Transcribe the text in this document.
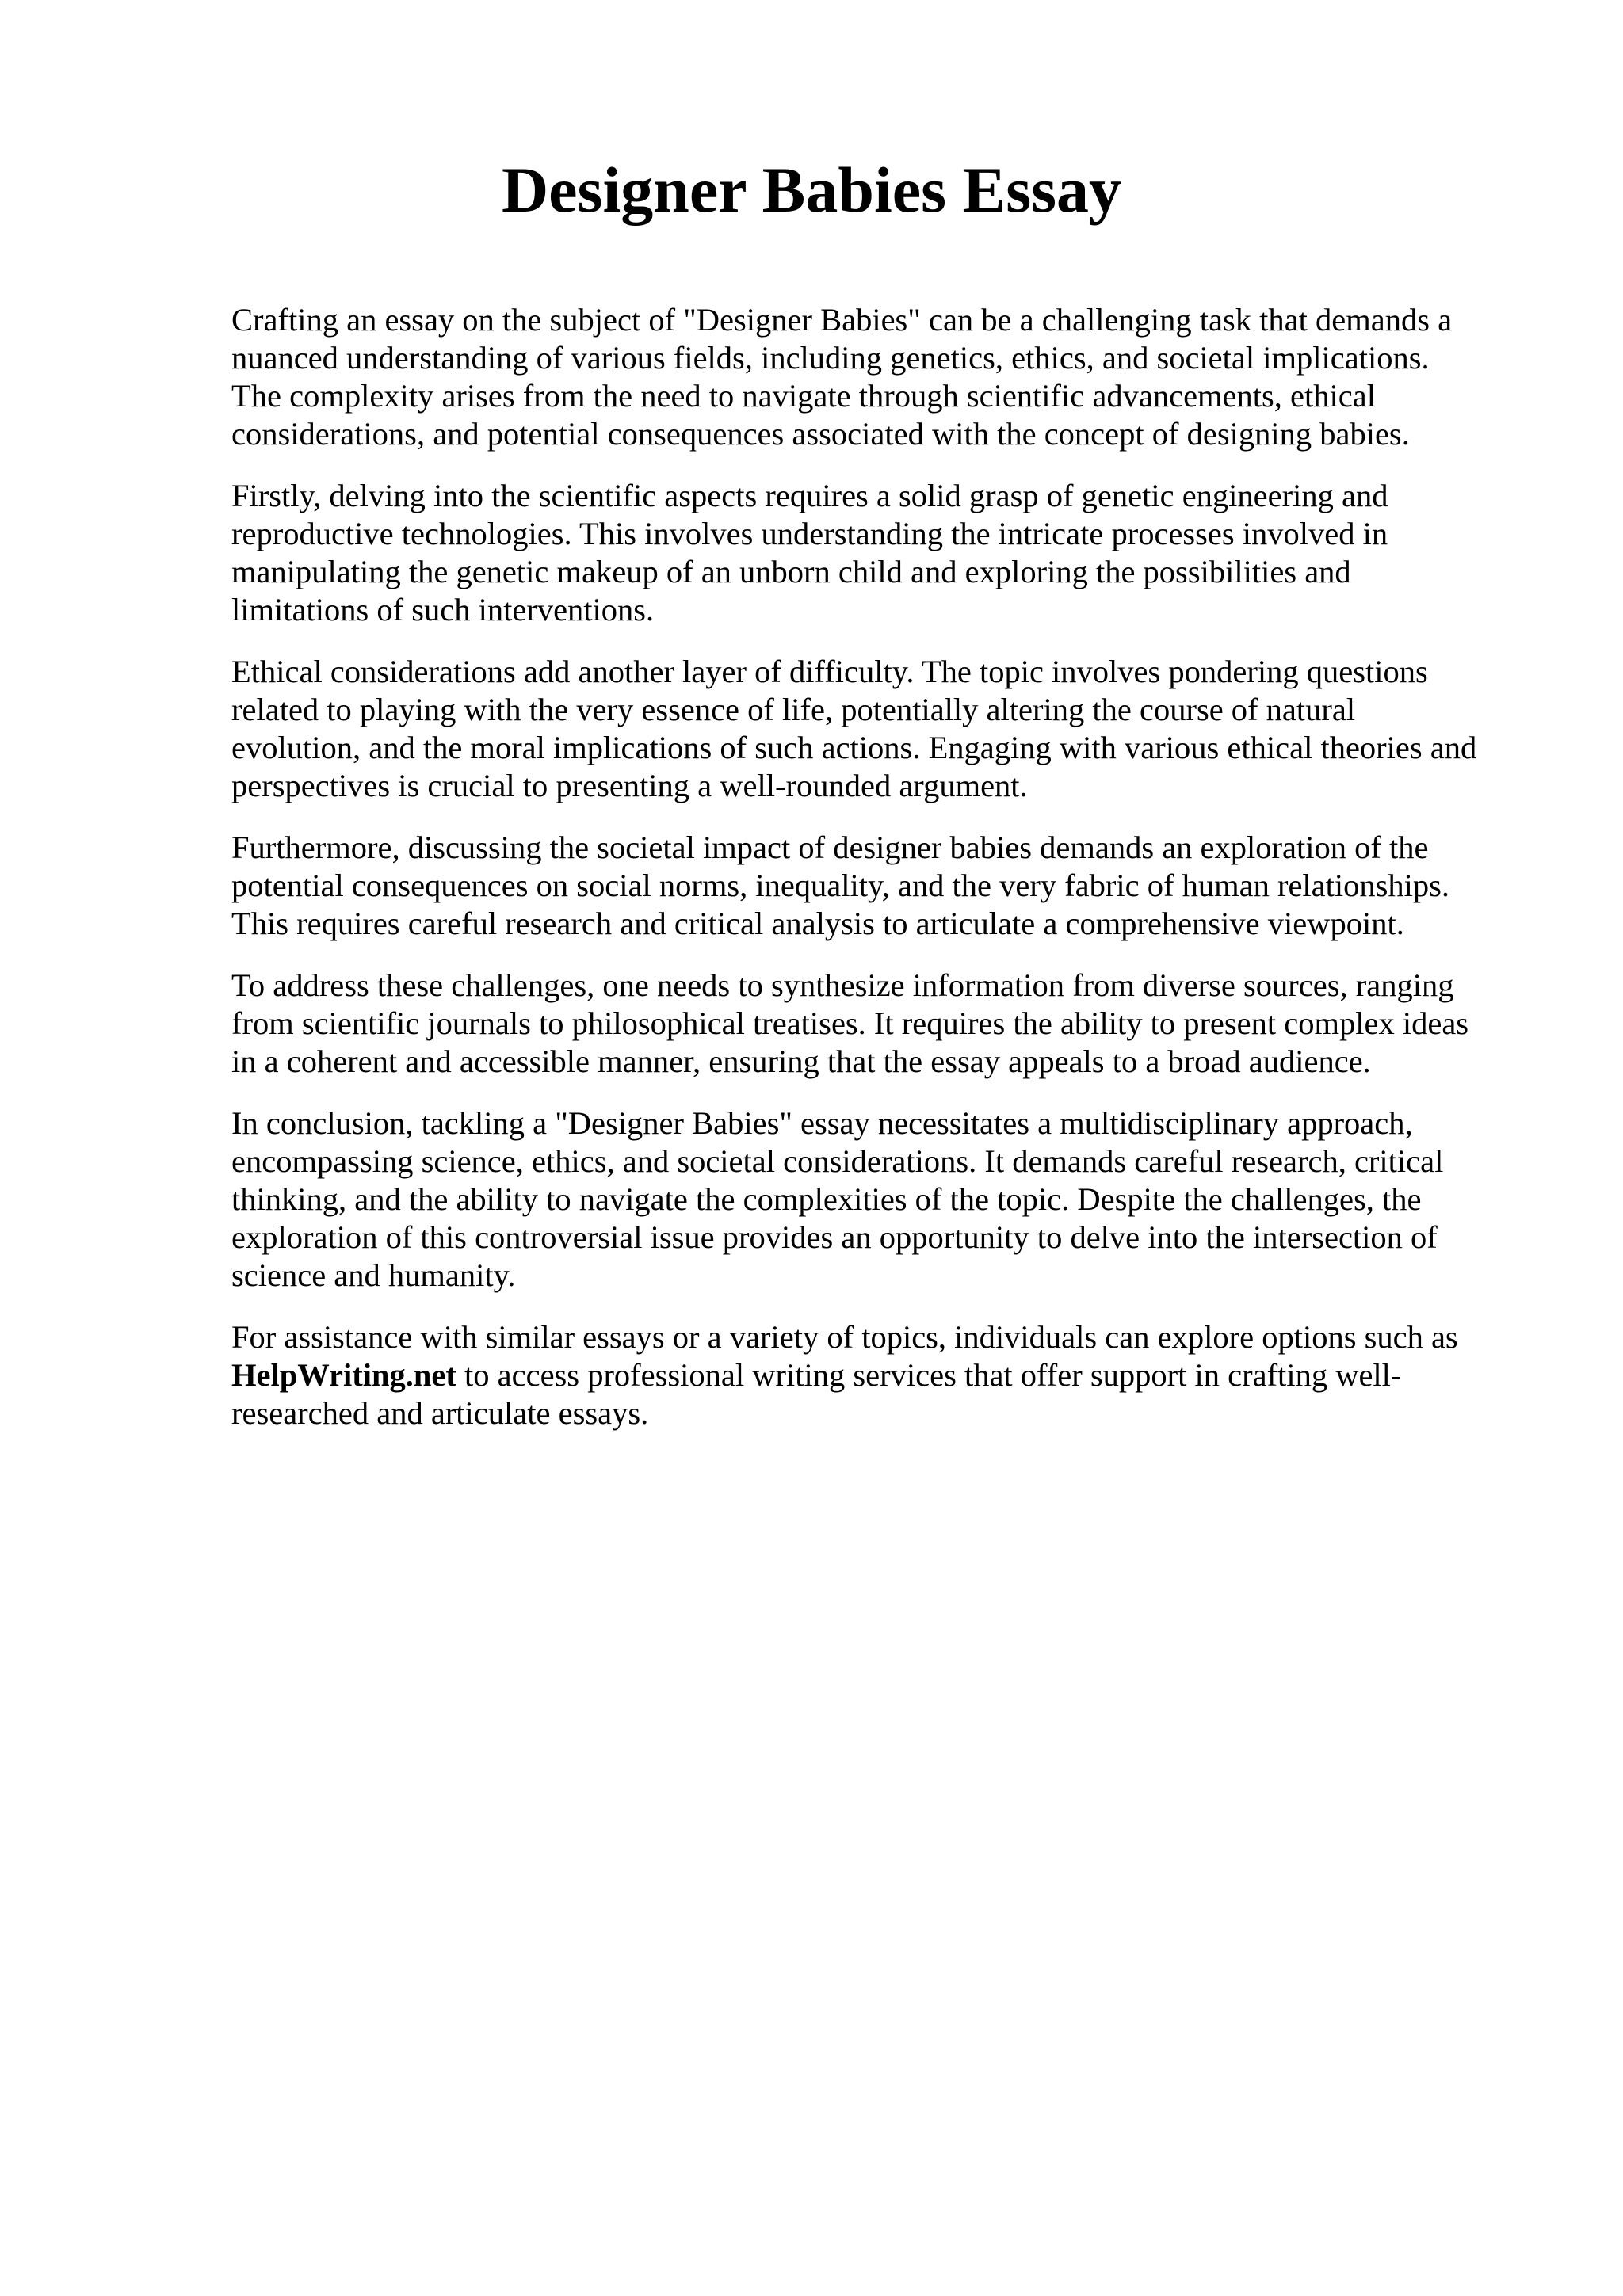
Designer Babies Essay

Crafting an essay on the subject of "Designer Babies" can be a challenging task that demands a
nuanced understanding of various fields, including genetics, ethics, and societal implications.
The complexity arises from the need to navigate through scientific advancements, ethical
considerations, and potential consequences associated with the concept of designing babies.

Firstly, delving into the scientific aspects requires a solid grasp of genetic engineering and
reproductive technologies. This involves understanding the intricate processes involved in
manipulating the genetic makeup of an unborn child and exploring the possibilities and
limitations of such interventions.

Ethical considerations add another layer of difficulty. The topic involves pondering questions
related to playing with the very essence of life, potentially altering the course of natural
evolution, and the moral implications of such actions. Engaging with various ethical theories and
perspectives is crucial to presenting a well-rounded argument.

Furthermore, discussing the societal impact of designer babies demands an exploration of the
potential consequences on social norms, inequality, and the very fabric of human relationships.
This requires careful research and critical analysis to articulate a comprehensive viewpoint.

To address these challenges, one needs to synthesize information from diverse sources, ranging
from scientific journals to philosophical treatises. It requires the ability to present complex ideas
in a coherent and accessible manner, ensuring that the essay appeals to a broad audience.

In conclusion, tackling a "Designer Babies" essay necessitates a multidisciplinary approach,
encompassing science, ethics, and societal considerations. It demands careful research, critical
thinking, and the ability to navigate the complexities of the topic. Despite the challenges, the
exploration of this controversial issue provides an opportunity to delve into the intersection of
science and humanity.

For assistance with similar essays or a variety of topics, individuals can explore options such as
HelpWriting.net to access professional writing services that offer support in crafting well-
researched and articulate essays.
